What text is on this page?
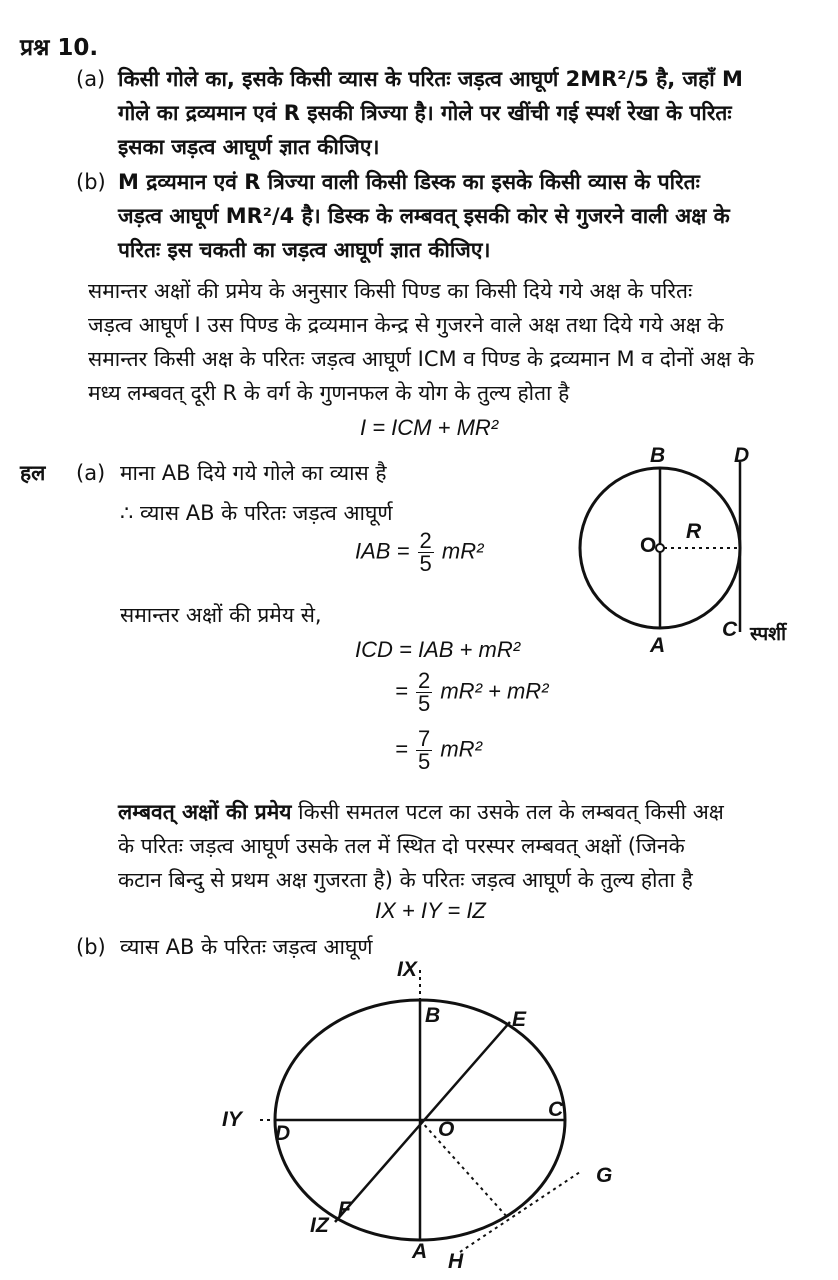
प्रश्न 10.
(a) किसी गोले का, इसके किसी व्यास के परितः जड़त्व आघूर्ण 2MR²/5 है, जहाँ M
गोले का द्रव्यमान एवं R इसकी त्रिज्या है। गोले पर खींची गई स्पर्श रेखा के परितः
इसका जड़त्व आघूर्ण ज्ञात कीजिए।
(b) M द्रव्यमान एवं R त्रिज्या वाली किसी डिस्क का इसके किसी व्यास के परितः
जड़त्व आघूर्ण MR²/4 है। डिस्क के लम्बवत् इसकी कोर से गुजरने वाली अक्ष के
परितः इस चकती का जड़त्व आघूर्ण ज्ञात कीजिए।
समान्तर अक्षों की प्रमेय के अनुसार किसी पिण्ड का किसी दिये गये अक्ष के परितः
जड़त्व आघूर्ण I उस पिण्ड के द्रव्यमान केन्द्र से गुजरने वाले अक्ष तथा दिये गये अक्ष के
समान्तर किसी अक्ष के परितः जड़त्व आघूर्ण ICM व पिण्ड के द्रव्यमान M व दोनों अक्ष के
मध्य लम्बवत् दूरी R के वर्ग के गुणनफल के योग के तुल्य होता है
I = ICM + MR²
हल (a) माना AB दिये गये गोले का व्यास है
∴ व्यास AB के परितः जड़त्व आघूर्ण
IAB = $\frac{2}{5} mR^2$
समान्तर अक्षों की प्रमेय से,
ICD = IAB + mR²
= $\frac{2}{5} mR^2 + mR^2$
= $\frac{7}{5} mR^2$
लम्बवत् अक्षों की प्रमेय किसी समतल पटल का उसके तल के लम्बवत् किसी अक्ष
के परितः जड़त्व आघूर्ण उसके तल में स्थित दो परस्पर लम्बवत् अक्षों (जिनके
कटान बिन्दु से प्रथम अक्ष गुजरता है) के परितः जड़त्व आघूर्ण के तुल्य होता है
IX + IY = IZ
(b) व्यास AB के परितः जड़त्व आघूर्ण
B	D
O
R
A
C स्पर्शी
IX
B	E
C
IY
D	O
G
F
IZ
A H
